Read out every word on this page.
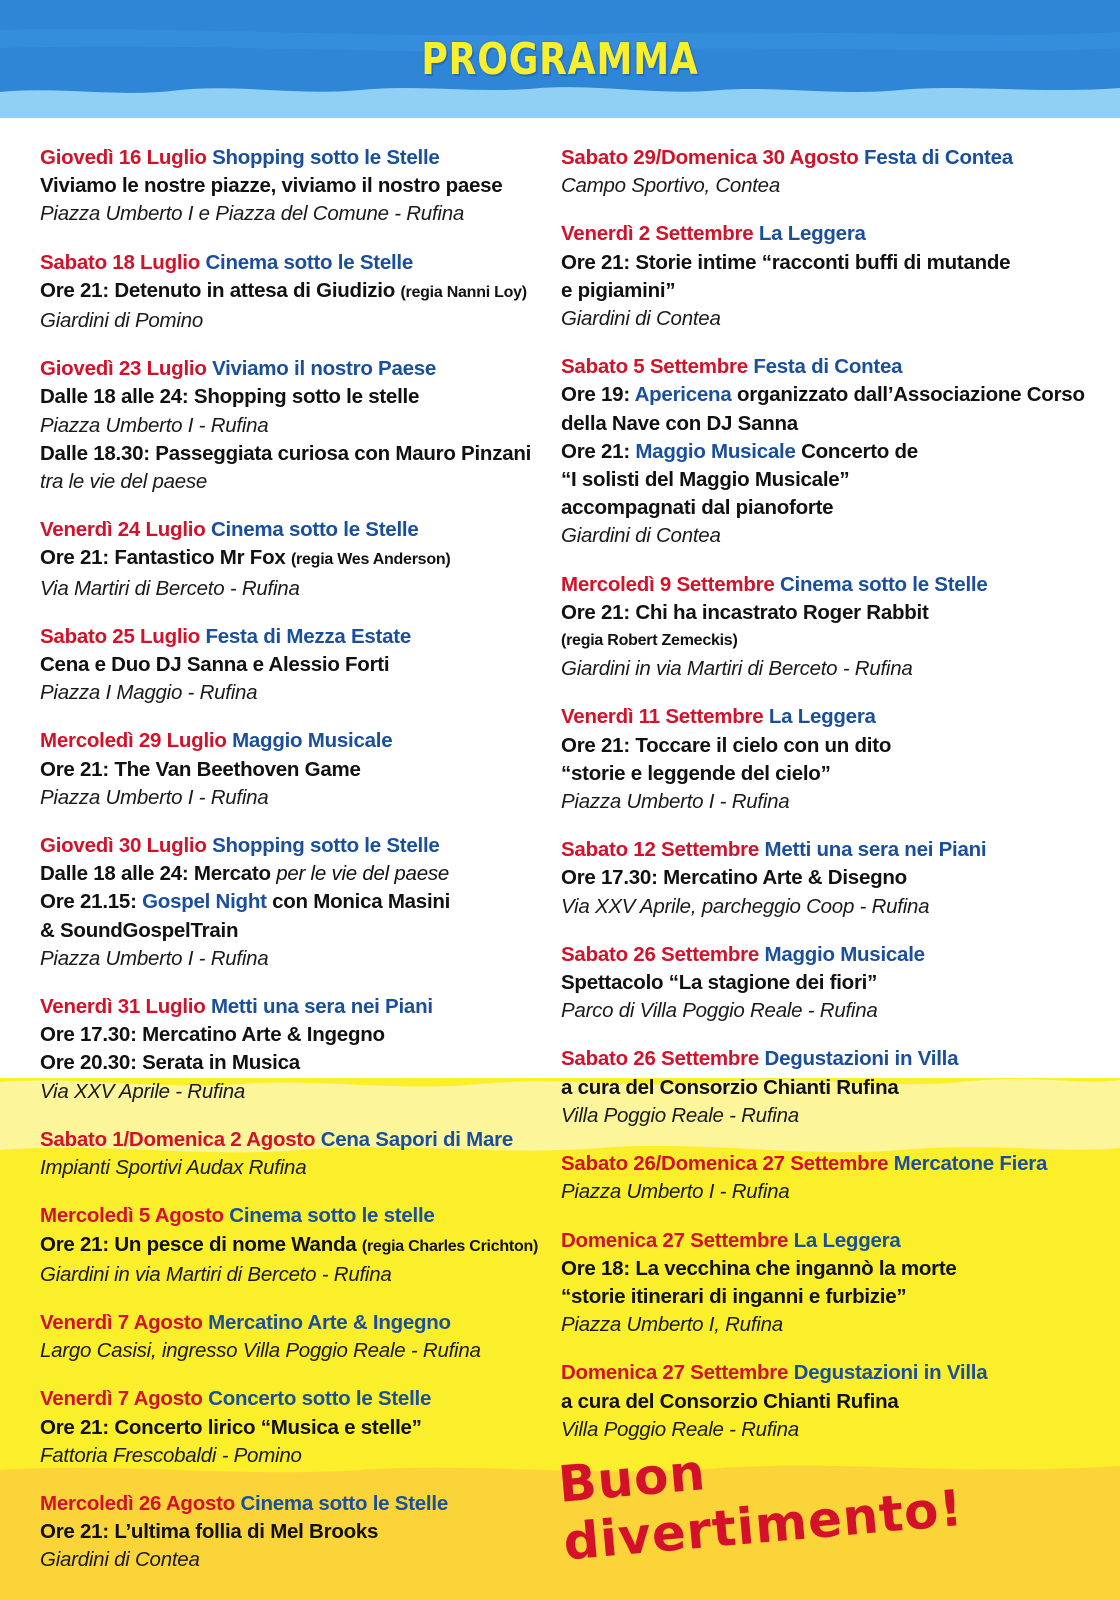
PROGRAMMA
Giovedì 16 Luglio Shopping sotto le Stelle
Viviamo le nostre piazze, viviamo il nostro paese
Piazza Umberto I e Piazza del Comune - Rufina
Sabato 18 Luglio Cinema sotto le Stelle
Ore 21: Detenuto in attesa di Giudizio (regia Nanni Loy)
Giardini di Pomino
Giovedì 23 Luglio Viviamo il nostro Paese
Dalle 18 alle 24: Shopping sotto le stelle
Piazza Umberto I - Rufina
Dalle 18.30: Passeggiata curiosa con Mauro Pinzani
tra le vie del paese
Venerdì 24 Luglio Cinema sotto le Stelle
Ore 21: Fantastico Mr Fox (regia Wes Anderson)
Via Martiri di Berceto - Rufina
Sabato 25 Luglio Festa di Mezza Estate
Cena e Duo DJ Sanna e Alessio Forti
Piazza I Maggio - Rufina
Mercoledì 29 Luglio Maggio Musicale
Ore 21: The Van Beethoven Game
Piazza Umberto I - Rufina
Giovedì 30 Luglio Shopping sotto le Stelle
Dalle 18 alle 24: Mercato per le vie del paese
Ore 21.15: Gospel Night con Monica Masini
& SoundGospelTrain
Piazza Umberto I - Rufina
Venerdì 31 Luglio Metti una sera nei Piani
Ore 17.30: Mercatino Arte & Ingegno
Ore 20.30: Serata in Musica
Via XXV Aprile - Rufina
Sabato 1/Domenica 2 Agosto Cena Sapori di Mare
Impianti Sportivi Audax Rufina
Mercoledì 5 Agosto Cinema sotto le stelle
Ore 21: Un pesce di nome Wanda (regia Charles Crichton)
Giardini in via Martiri di Berceto - Rufina
Venerdì 7 Agosto Mercatino Arte & Ingegno
Largo Casisi, ingresso Villa Poggio Reale - Rufina
Venerdì 7 Agosto Concerto sotto le Stelle
Ore 21: Concerto lirico “Musica e stelle”
Fattoria Frescobaldi - Pomino
Mercoledì 26 Agosto Cinema sotto le Stelle
Ore 21: L’ultima follia di Mel Brooks
Giardini di Contea
Sabato 29/Domenica 30 Agosto Festa di Contea
Campo Sportivo, Contea
Venerdì 2 Settembre La Leggera
Ore 21: Storie intime “racconti buffi di mutande
e pigiamini”
Giardini di Contea
Sabato 5 Settembre Festa di Contea
Ore 19: Apericena organizzato dall’Associazione Corso
della Nave con DJ Sanna
Ore 21: Maggio Musicale Concerto de
“I solisti del Maggio Musicale”
accompagnati dal pianoforte
Giardini di Contea
Mercoledì 9 Settembre Cinema sotto le Stelle
Ore 21: Chi ha incastrato Roger Rabbit
(regia Robert Zemeckis)
Giardini in via Martiri di Berceto - Rufina
Venerdì 11 Settembre La Leggera
Ore 21: Toccare il cielo con un dito
“storie e leggende del cielo”
Piazza Umberto I - Rufina
Sabato 12 Settembre Metti una sera nei Piani
Ore 17.30: Mercatino Arte & Disegno
Via XXV Aprile, parcheggio Coop - Rufina
Sabato 26 Settembre Maggio Musicale
Spettacolo “La stagione dei fiori”
Parco di Villa Poggio Reale - Rufina
Sabato 26 Settembre Degustazioni in Villa
a cura del Consorzio Chianti Rufina
Villa Poggio Reale - Rufina
Sabato 26/Domenica 27 Settembre Mercatone Fiera
Piazza Umberto I - Rufina
Domenica 27 Settembre La Leggera
Ore 18: La vecchina che ingannò la morte
“storie itinerari di inganni e furbizie”
Piazza Umberto I, Rufina
Domenica 27 Settembre Degustazioni in Villa
a cura del Consorzio Chianti Rufina
Villa Poggio Reale - Rufina
Buon divertimento!
